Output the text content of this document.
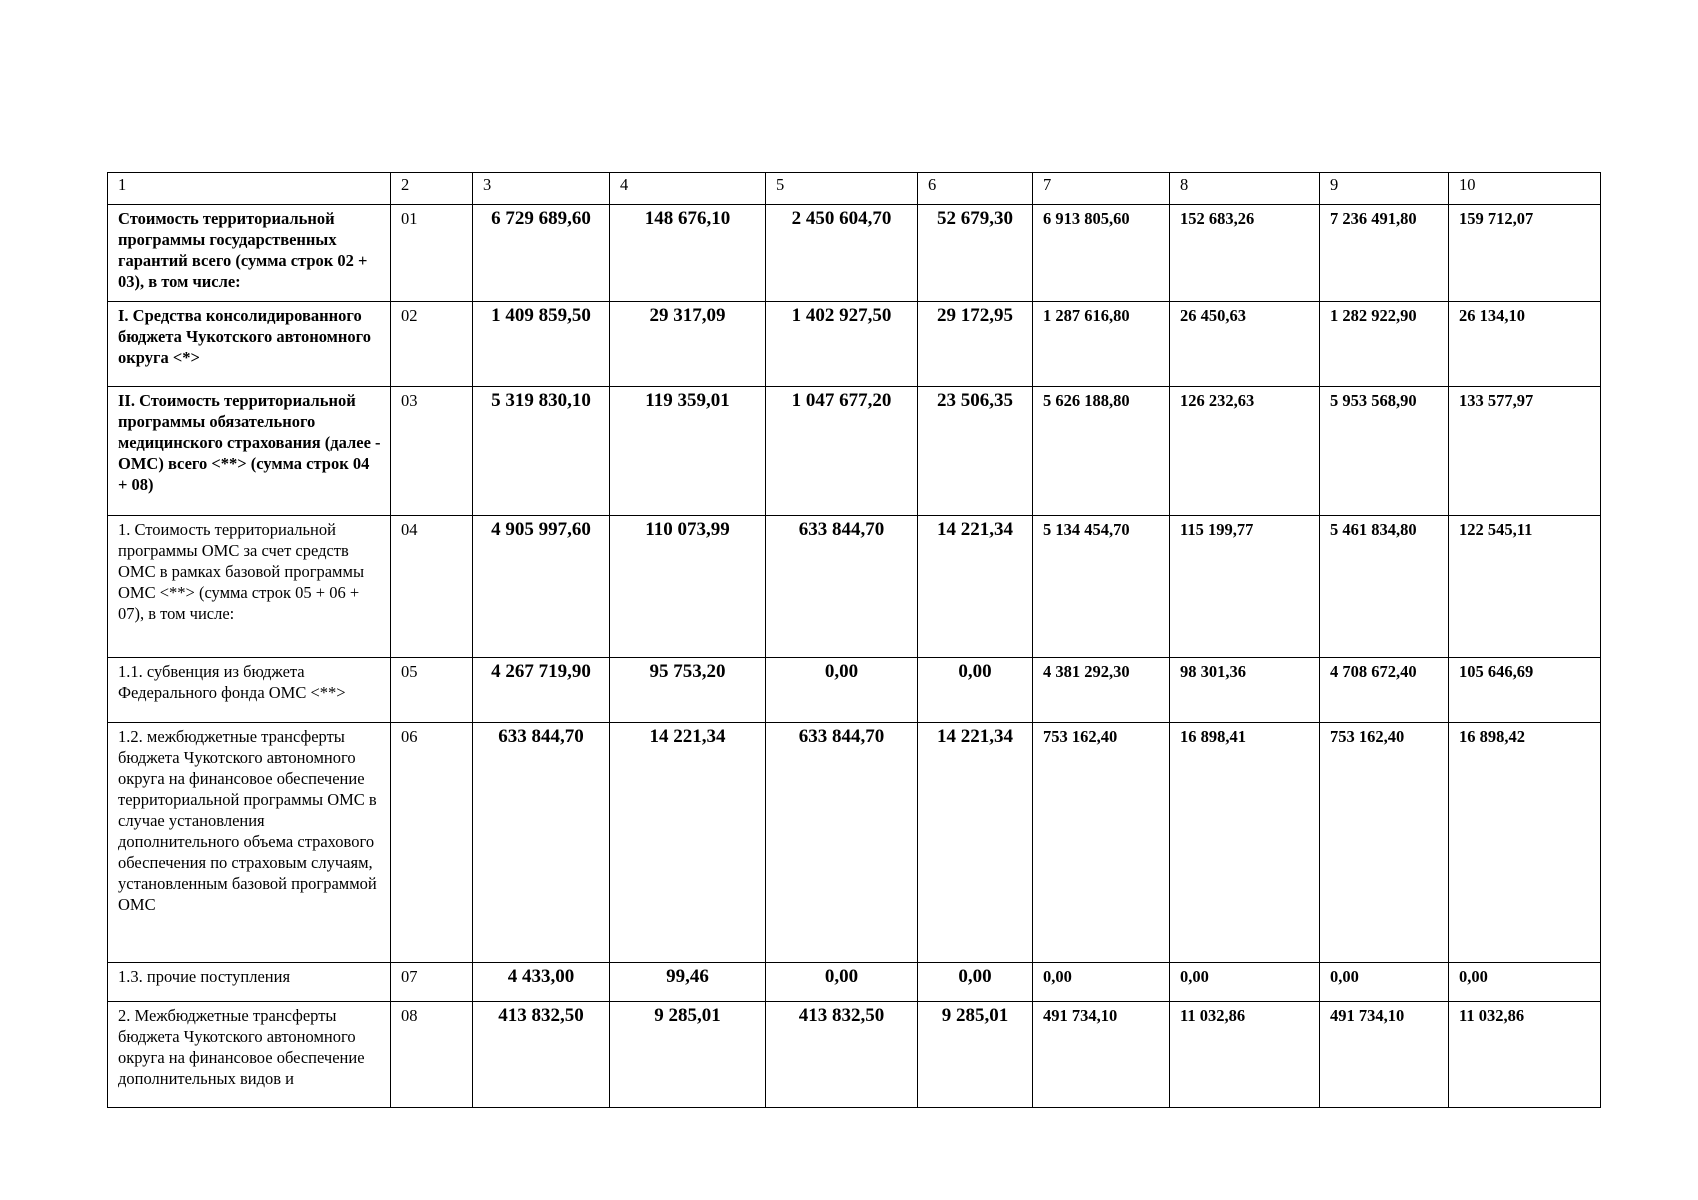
1	2	3	4	5	6	7	8	9	10
Стоимость территориальной программы государственных гарантий всего (сумма строк 02 + 03), в том числе:	01	6 729 689,60	148 676,10	2 450 604,70	52 679,30	6 913 805,60	152 683,26	7 236 491,80	159 712,07
I. Средства консолидированного бюджета Чукотского автономного округа <*>	02	1 409 859,50	29 317,09	1 402 927,50	29 172,95	1 287 616,80	26 450,63	1 282 922,90	26 134,10
II. Стоимость территориальной программы обязательного медицинского страхования (далее - ОМС) всего <**> (сумма строк 04 + 08)	03	5 319 830,10	119 359,01	1 047 677,20	23 506,35	5 626 188,80	126 232,63	5 953 568,90	133 577,97
1. Стоимость территориальной программы ОМС за счет средств ОМС в рамках базовой программы ОМС <**> (сумма строк 05 + 06 + 07), в том числе:	04	4 905 997,60	110 073,99	633 844,70	14 221,34	5 134 454,70	115 199,77	5 461 834,80	122 545,11
1.1. субвенция из бюджета Федерального фонда ОМС <**>	05	4 267 719,90	95 753,20	0,00	0,00	4 381 292,30	98 301,36	4 708 672,40	105 646,69
1.2. межбюджетные трансферты бюджета Чукотского автономного округа на финансовое обеспечение территориальной программы ОМС в случае установления дополнительного объема страхового обеспечения по страховым случаям, установленным базовой программой ОМС	06	633 844,70	14 221,34	633 844,70	14 221,34	753 162,40	16 898,41	753 162,40	16 898,42
1.3. прочие поступления	07	4 433,00	99,46	0,00	0,00	0,00	0,00	0,00	0,00
2. Межбюджетные трансферты бюджета Чукотского автономного округа на финансовое обеспечение дополнительных видов и	08	413 832,50	9 285,01	413 832,50	9 285,01	491 734,10	11 032,86	491 734,10	11 032,86
